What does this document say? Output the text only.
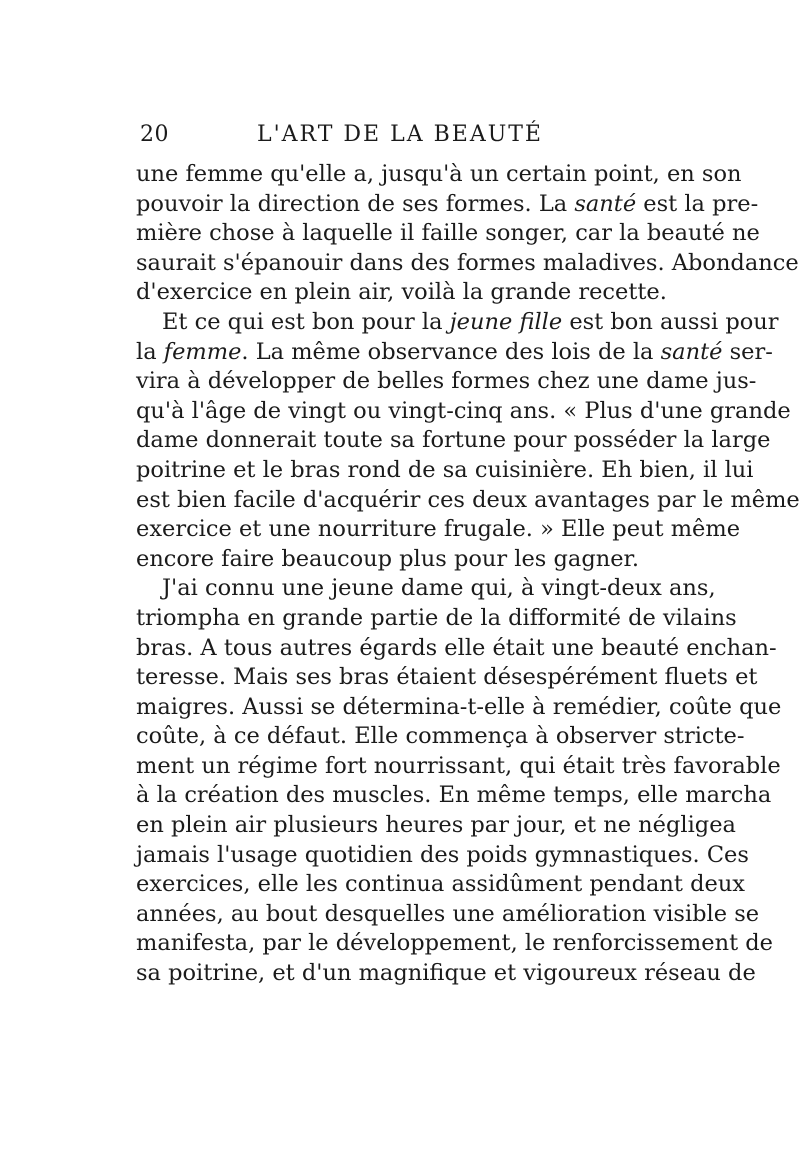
20	L'ART DE LA BEAUTÉ
une femme qu'elle a, jusqu'à un certain point, en son
pouvoir la direction de ses formes. La santé est la pre-
mière chose à laquelle il faille songer, car la beauté ne
saurait s'épanouir dans des formes maladives. Abondance
d'exercice en plein air, voilà la grande recette.
Et ce qui est bon pour la jeune fille est bon aussi pour
la femme. La même observance des lois de la santé ser-
vira à développer de belles formes chez une dame jus-
qu'à l'âge de vingt ou vingt-cinq ans. « Plus d'une grande
dame donnerait toute sa fortune pour posséder la large
poitrine et le bras rond de sa cuisinière. Eh bien, il lui
est bien facile d'acquérir ces deux avantages par le même
exercice et une nourriture frugale. » Elle peut même
encore faire beaucoup plus pour les gagner.
J'ai connu une jeune dame qui, à vingt-deux ans,
triompha en grande partie de la difformité de vilains
bras. A tous autres égards elle était une beauté enchan-
teresse. Mais ses bras étaient désespérément fluets et
maigres. Aussi se détermina-t-elle à remédier, coûte que
coûte, à ce défaut. Elle commença à observer stricte-
ment un régime fort nourrissant, qui était très favorable
à la création des muscles. En même temps, elle marcha
en plein air plusieurs heures par jour, et ne négligea
jamais l'usage quotidien des poids gymnastiques. Ces
exercices, elle les continua assidûment pendant deux
années, au bout desquelles une amélioration visible se
manifesta, par le développement, le renforcissement de
sa poitrine, et d'un magnifique et vigoureux réseau de
